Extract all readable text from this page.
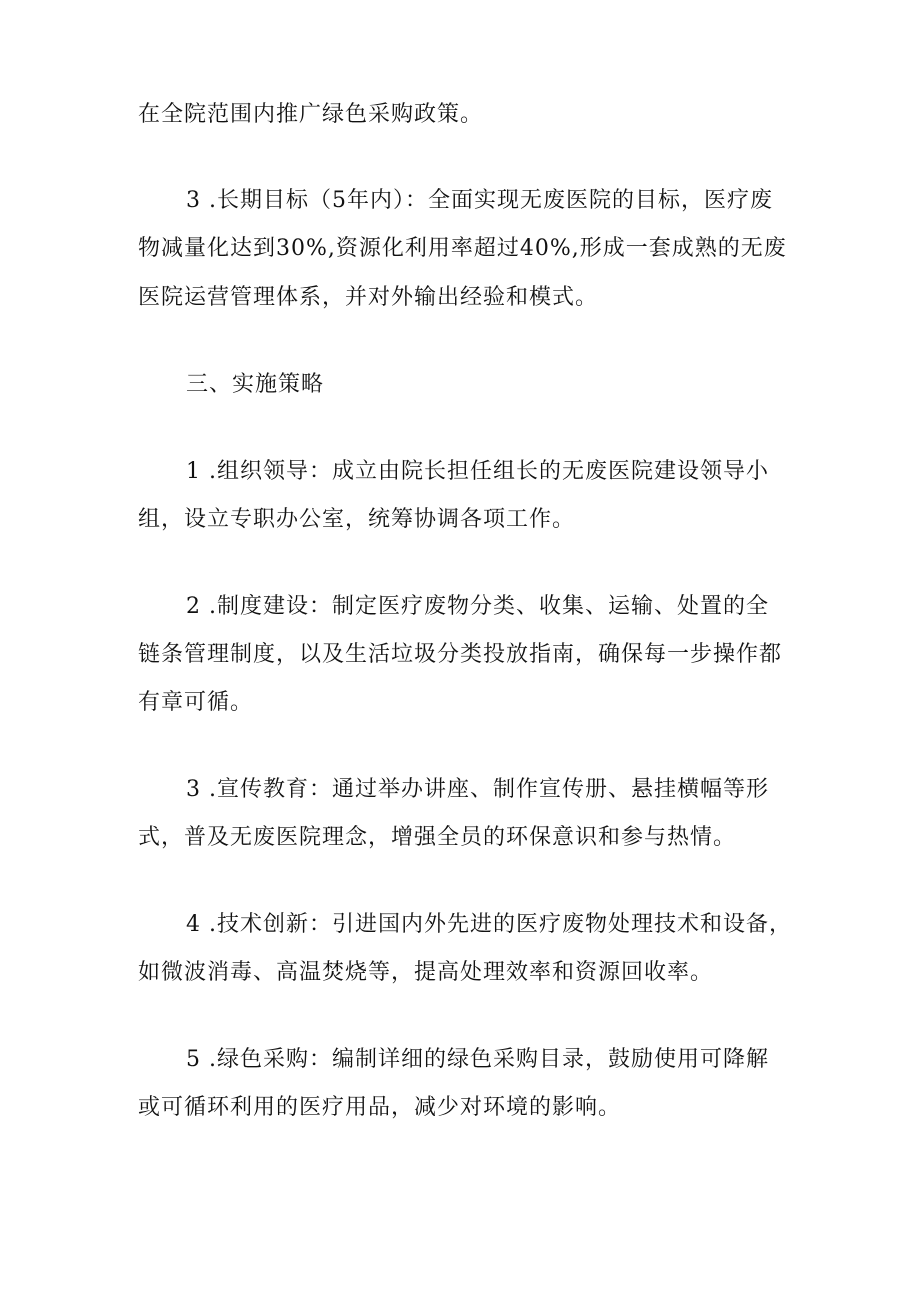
在全院范围内推广绿色采购政策。
3 .长期目标（5年内）：全面实现无废医院的目标，医疗废
物减量化达到30%,资源化利用率超过40%,形成一套成熟的无废
医院运营管理体系，并对外输出经验和模式。
三、实施策略
1 .组织领导：成立由院长担任组长的无废医院建设领导小
组，设立专职办公室，统筹协调各项工作。
2 .制度建设：制定医疗废物分类、收集、运输、处置的全
链条管理制度，以及生活垃圾分类投放指南，确保每一步操作都
有章可循。
3 .宣传教育：通过举办讲座、制作宣传册、悬挂横幅等形
式，普及无废医院理念，增强全员的环保意识和参与热情。
4 .技术创新：引进国内外先进的医疗废物处理技术和设备，
如微波消毒、高温焚烧等，提高处理效率和资源回收率。
5 .绿色采购：编制详细的绿色采购目录，鼓励使用可降解
或可循环利用的医疗用品，减少对环境的影响。
